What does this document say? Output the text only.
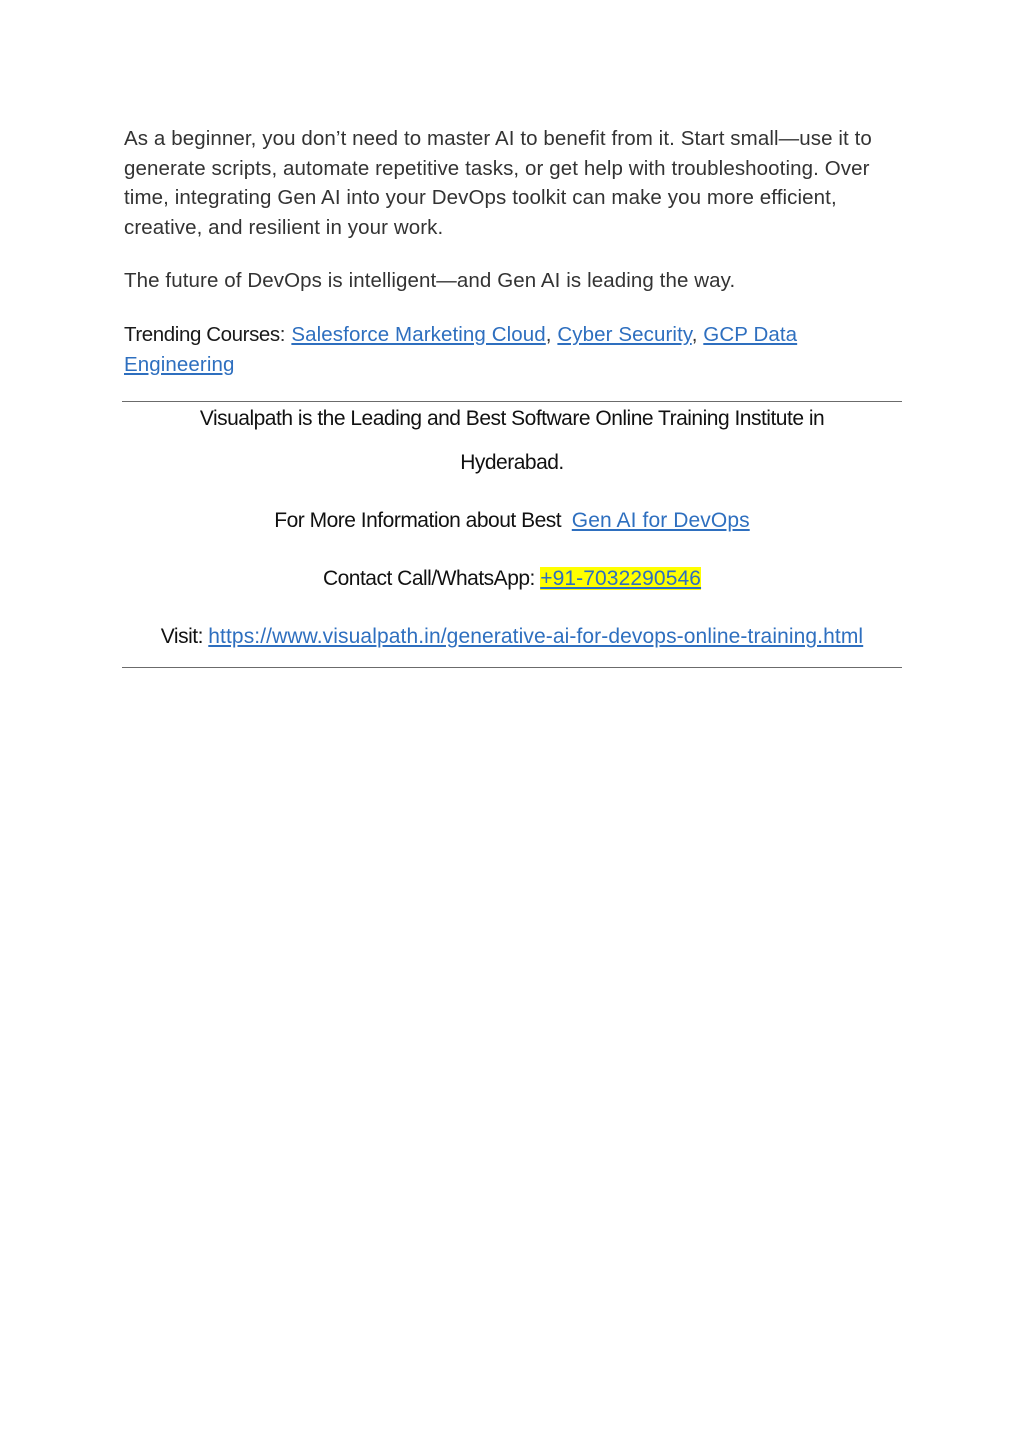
As a beginner, you don’t need to master AI to benefit from it. Start small—use it to generate scripts, automate repetitive tasks, or get help with troubleshooting. Over time, integrating Gen AI into your DevOps toolkit can make you more efficient, creative, and resilient in your work.

The future of DevOps is intelligent—and Gen AI is leading the way.

Trending Courses: Salesforce Marketing Cloud, Cyber Security, GCP Data Engineering

Visualpath is the Leading and Best Software Online Training Institute in

Hyderabad.

For More Information about Best Gen AI for DevOps

Contact Call/WhatsApp: +91-7032290546

Visit: https://www.visualpath.in/generative-ai-for-devops-online-training.html
